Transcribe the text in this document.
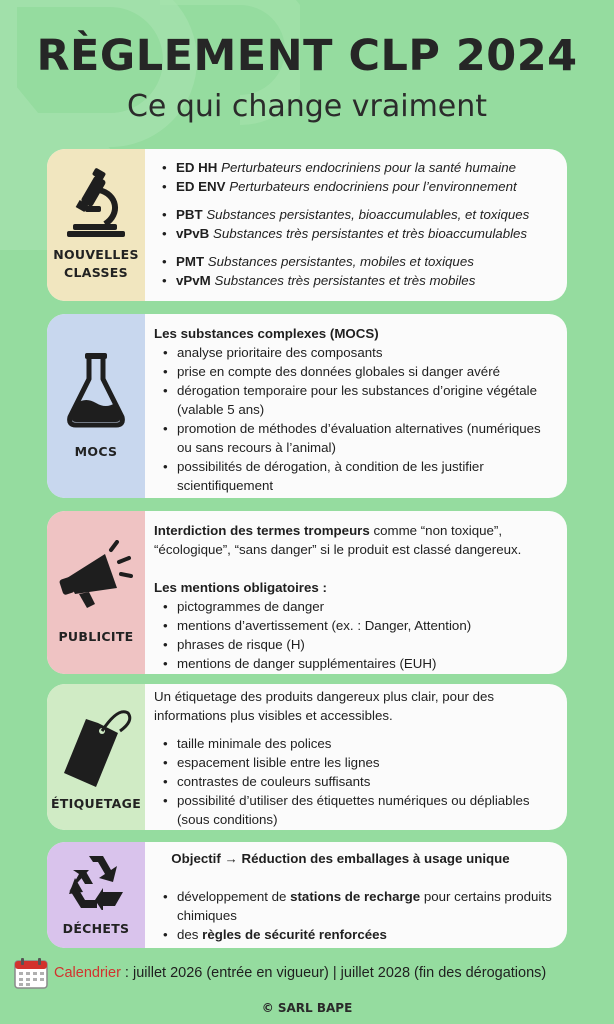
RÈGLEMENT CLP 2024
Ce qui change vraiment
NOUVELLES
CLASSES
• ED HH Perturbateurs endocriniens pour la santé humaine
• ED ENV Perturbateurs endocriniens pour l’environnement
• PBT Substances persistantes, bioaccumulables, et toxiques
• vPvB Substances très persistantes et très bioaccumulables
• PMT Substances persistantes, mobiles et toxiques
• vPvM Substances très persistantes et très mobiles
MOCS
Les substances complexes (MOCS)
• analyse prioritaire des composants
• prise en compte des données globales si danger avéré
• dérogation temporaire pour les substances d’origine végétale (valable 5 ans)
• promotion de méthodes d’évaluation alternatives (numériques ou sans recours à l’animal)
• possibilités de dérogation, à condition de les justifier scientifiquement
PUBLICITE
Interdiction des termes trompeurs comme “non toxique”, “écologique”, “sans danger” si le produit est classé dangereux.
Les mentions obligatoires :
• pictogrammes de danger
• mentions d’avertissement (ex. : Danger, Attention)
• phrases de risque (H)
• mentions de danger supplémentaires (EUH)
ÉTIQUETAGE
Un étiquetage des produits dangereux plus clair, pour des informations plus visibles et accessibles.
• taille minimale des polices
• espacement lisible entre les lignes
• contrastes de couleurs suffisants
• possibilité d’utiliser des étiquettes numériques ou dépliables (sous conditions)
DÉCHETS
Objectif → Réduction des emballages à usage unique
• développement de stations de recharge pour certains produits chimiques
• des règles de sécurité renforcées
Calendrier : juillet 2026 (entrée en vigueur) | juillet 2028 (fin des dérogations)
© SARL BAPE
